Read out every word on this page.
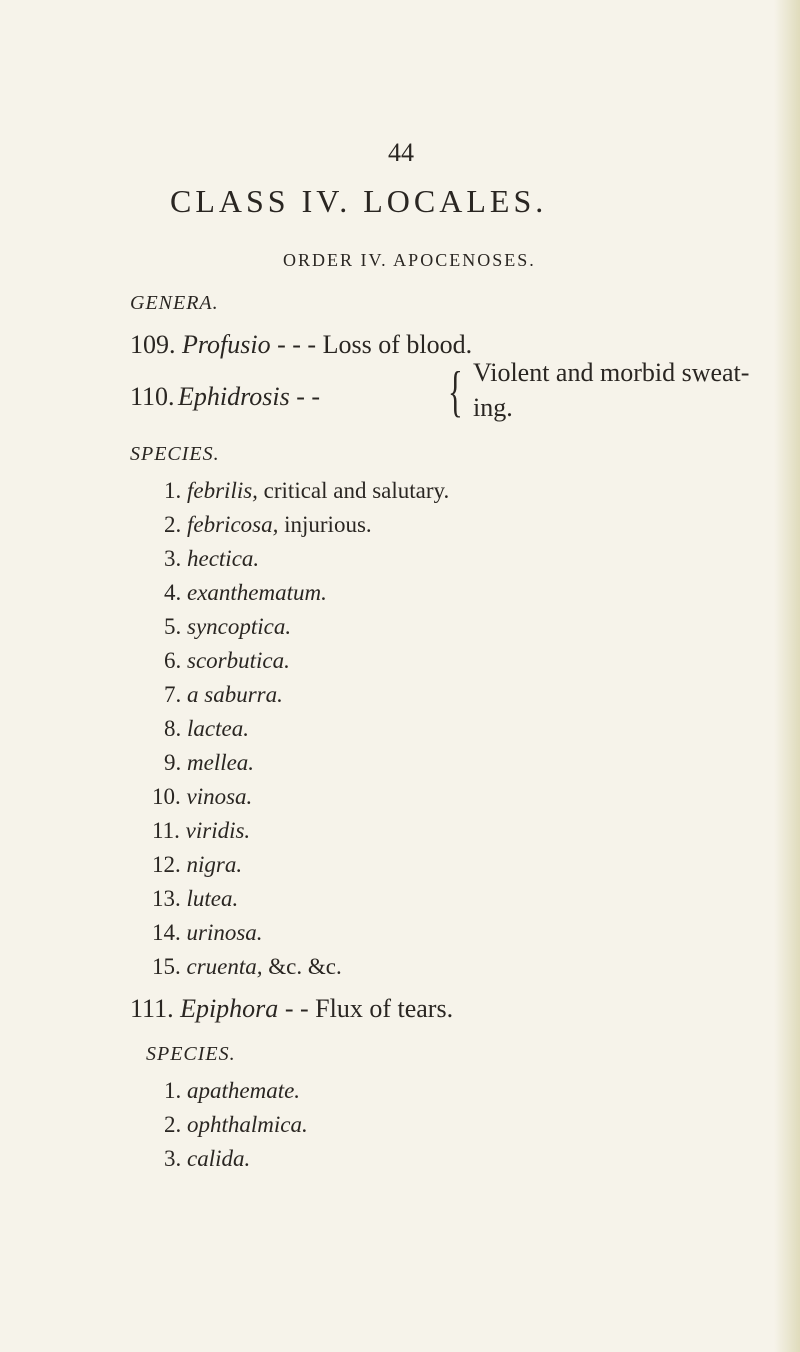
44
CLASS IV. LOCALES.
ORDER IV. APOCENOSES.
GENERA.
109. Profusio - - - Loss of blood.
110. Ephidrosis - - { Violent and morbid sweat-
ing.
SPECIES.
1. febrilis, critical and salutary.
2. febricosa, injurious.
3. hectica.
4. exanthematum.
5. syncoptica.
6. scorbutica.
7. a saburra.
8. lactea.
9. mellea.
10. vinosa.
11. viridis.
12. nigra.
13. lutea.
14. urinosa.
15. cruenta, &c. &c.
111. Epiphora - - Flux of tears.
SPECIES.
1. apathemate.
2. ophthalmica.
3. calida.
